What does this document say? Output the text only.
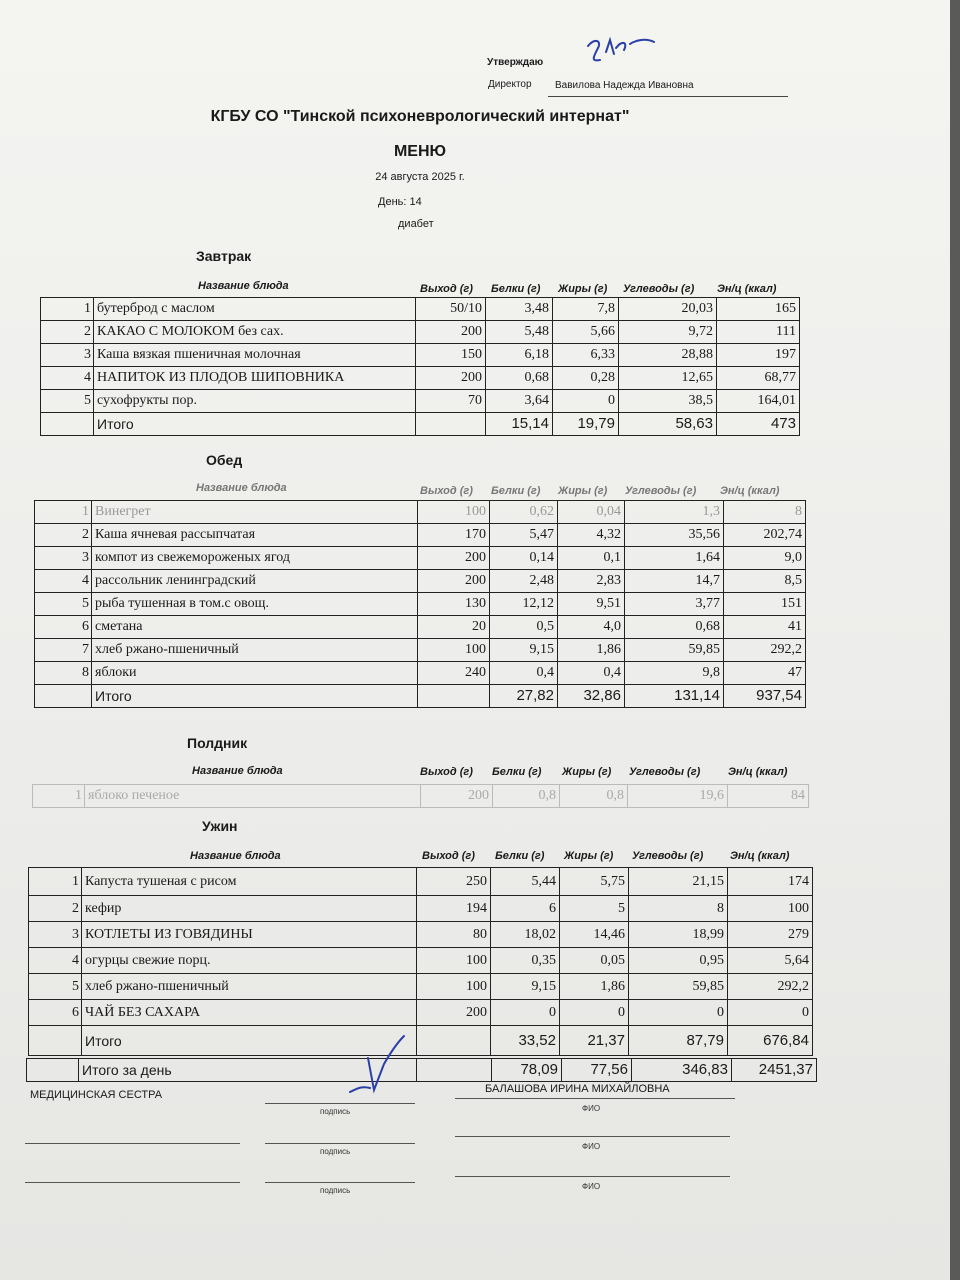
Утверждаю
Директор Вавилова Надежда Ивановна
КГБУ СО "Тинской психоневрологический интернат"
МЕНЮ
24 августа 2025 г.
День: 14
диабет
Завтрак
Название блюда	Выход (г) Белки (г) Жиры (г) Углеводы (г) Эн/ц (ккал)
1	бутерброд с маслом	50/10	3,48	7,8	20,03	165
2	КАКАО С МОЛОКОМ без сах.	200	5,48	5,66	9,72	111
3	Каша вязкая пшеничная молочная	150	6,18	6,33	28,88	197
4	НАПИТОК ИЗ ПЛОДОВ ШИПОВНИКА	200	0,68	0,28	12,65	68,77
5	сухофрукты пор.	70	3,64	0	38,5	164,01
	Итого		15,14	19,79	58,63	473
Обед
Название блюда	Выход (г) Белки (г) Жиры (г) Углеводы (г) Эн/ц (ккал)
1	Винегрет	100	0,62	0,04	1,3	8
2	Каша ячневая рассыпчатая	170	5,47	4,32	35,56	202,74
3	компот из свежемороженых ягод	200	0,14	0,1	1,64	9,0
4	рассольник ленинградский	200	2,48	2,83	14,7	8,5
5	рыба тушенная в том.с овощ.	130	12,12	9,51	3,77	151
6	сметана	20	0,5	4,0	0,68	41
7	хлеб ржано-пшеничный	100	9,15	1,86	59,85	292,2
8	яблоки	240	0,4	0,4	9,8	47
	Итого		27,82	32,86	131,14	937,54
Полдник
Название блюда	Выход (г) Белки (г) Жиры (г) Углеводы (г)	Эн/ц (ккал)
1	яблоко печеное	200	0,8	0,8	19,6	84
Ужин
Название блюда	Выход (г) Белки (г) Жиры (г) Углеводы (г) Эн/ц (ккал)
1	Капуста тушеная с рисом	250	5,44	5,75	21,15	174
2	кефир	194	6	5	8	100
3	КОТЛЕТЫ ИЗ ГОВЯДИНЫ	80	18,02	14,46	18,99	279
4	огурцы свежие порц.	100	0,35	0,05	0,95	5,64
5	хлеб ржано-пшеничный	100	9,15	1,86	59,85	292,2
6	ЧАЙ БЕЗ САХАРА	200	0	0	0	0
	Итого		33,52	21,37	87,79	676,84
	Итого за день		78,09	77,56	346,83	2451,37
МЕДИЦИНСКАЯ СЕСТРА	БАЛАШОВА ИРИНА МИХАЙЛОВНА
подпись	ФИО
подпись
ФИО
подпись	ФИО
